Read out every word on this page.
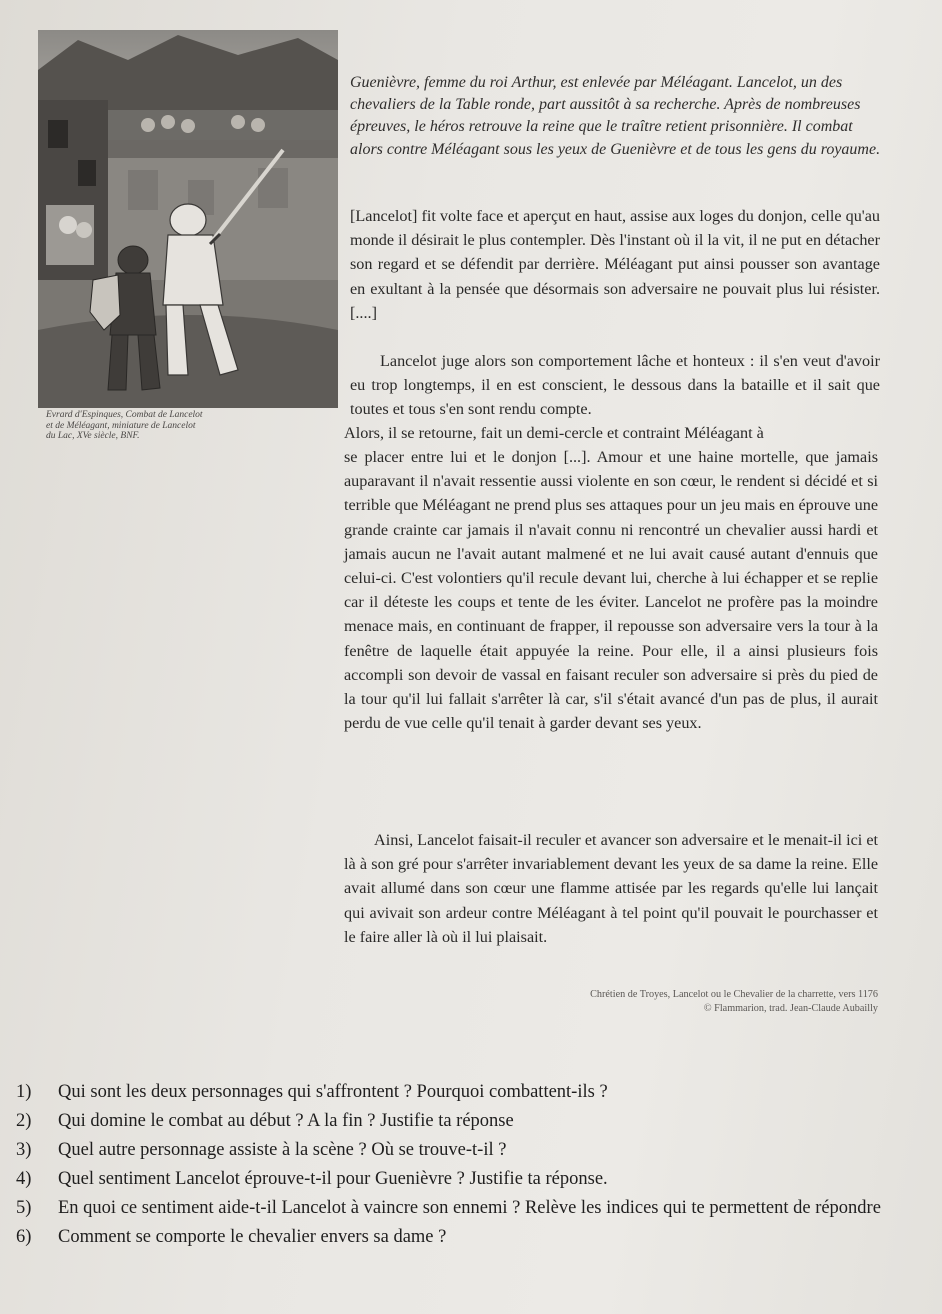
Evrard d'Espinques, Combat de Lancelot
et de Méléagant, miniature de Lancelot
du Lac, XVe siècle, BNF.
Guenièvre, femme du roi Arthur, est enlevée par Méléagant. Lancelot, un des chevaliers de la Table ronde, part aussitôt à sa recherche. Après de nombreuses épreuves, le héros retrouve la reine que le traître retient prisonnière. Il combat alors contre Méléagant sous les yeux de Guenièvre et de tous les gens du royaume.
[Lancelot] fit volte face et aperçut en haut, assise aux loges du donjon, celle qu'au monde il désirait le plus contempler. Dès l'instant où il la vit, il ne put en détacher son regard et se défendit par derrière. Méléagant put ainsi pousser son avantage en exultant à la pensée que désormais son adversaire ne pouvait plus lui résister. [....]
Lancelot juge alors son comportement lâche et honteux : il s'en veut d'avoir eu trop longtemps, il en est conscient, le dessous dans la bataille et il sait que toutes et tous s'en sont rendu compte.
Alors, il se retourne, fait un demi-cercle et contraint Méléagant à
se placer entre lui et le donjon [...]. Amour et une haine mortelle, que jamais auparavant il n'avait ressentie aussi violente en son cœur, le rendent si décidé et si terrible que Méléagant ne prend plus ses attaques pour un jeu mais en éprouve une grande crainte car jamais il n'avait connu ni rencontré un chevalier aussi hardi et jamais aucun ne l'avait autant malmené et ne lui avait causé autant d'ennuis que celui-ci. C'est volontiers qu'il recule devant lui, cherche à lui échapper et se replie car il déteste les coups et tente de les éviter. Lancelot ne profère pas la moindre menace mais, en continuant de frapper, il repousse son adversaire vers la tour à la fenêtre de laquelle était appuyée la reine. Pour elle, il a ainsi plusieurs fois accompli son devoir de vassal en faisant reculer son adversaire si près du pied de la tour qu'il lui fallait s'arrêter là car, s'il s'était avancé d'un pas de plus, il aurait perdu de vue celle qu'il tenait à garder devant ses yeux.
Ainsi, Lancelot faisait-il reculer et avancer son adversaire et le menait-il ici et là à son gré pour s'arrêter invariablement devant les yeux de sa dame la reine. Elle avait allumé dans son cœur une flamme attisée par les regards qu'elle lui lançait qui avivait son ardeur contre Méléagant à tel point qu'il pouvait le pourchasser et le faire aller là où il lui plaisait.
Chrétien de Troyes, Lancelot ou le Chevalier de la charrette, vers 1176
© Flammarion, trad. Jean-Claude Aubailly
1)	Qui sont les deux personnages qui s'affrontent ? Pourquoi combattent-ils ?
2)	Qui domine le combat au début ? A la fin ? Justifie ta réponse
3)	Quel autre personnage assiste à la scène ? Où se trouve-t-il ?
4)	Quel sentiment Lancelot éprouve-t-il pour Guenièvre ? Justifie ta réponse.
5)	En quoi ce sentiment aide-t-il Lancelot à vaincre son ennemi ? Relève les indices qui te permettent de répondre
6)	Comment se comporte le chevalier envers sa dame ?
